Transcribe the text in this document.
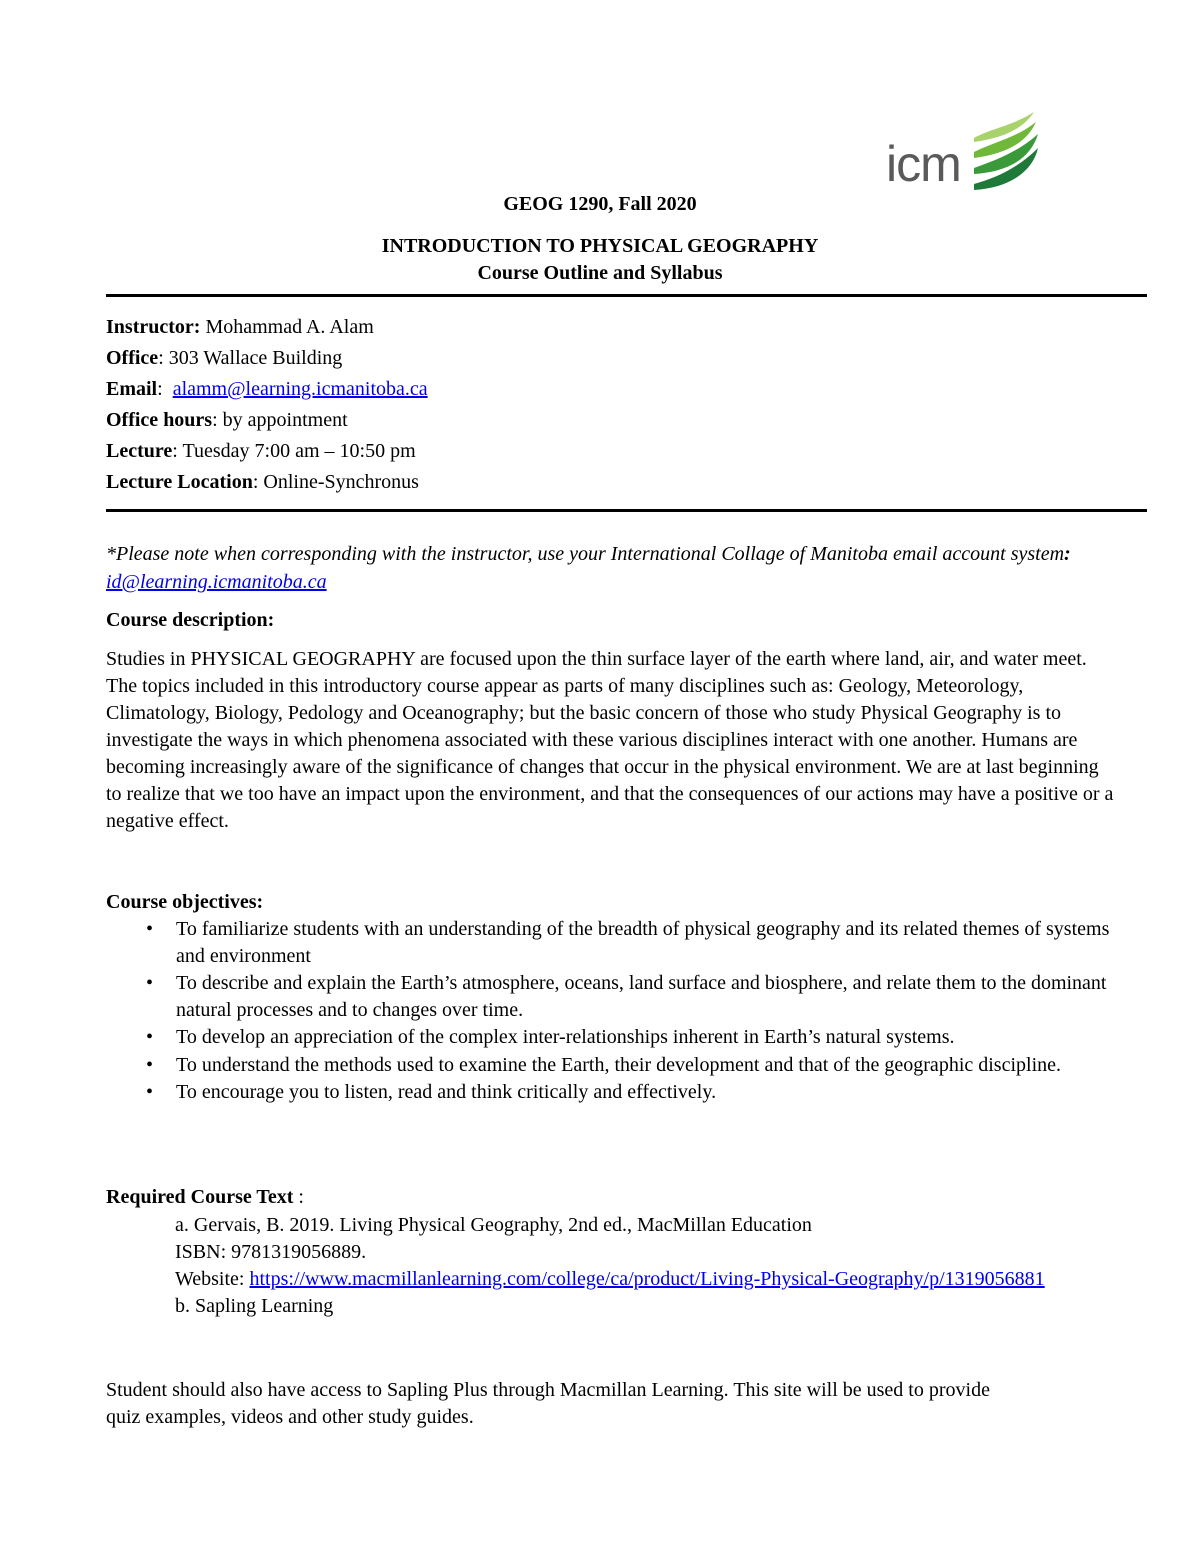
icm
GEOG 1290, Fall 2020
INTRODUCTION TO PHYSICAL GEOGRAPHY
Course Outline and Syllabus
Instructor: Mohammad A. Alam
Office: 303 Wallace Building
Email:  alamm@learning.icmanitoba.ca
Office hours: by appointment
Lecture: Tuesday 7:00 am – 10:50 pm
Lecture Location: Online-Synchronus
*Please note when corresponding with the instructor, use your International Collage of Manitoba email account system: id@learning.icmanitoba.ca
Course description:
Studies in PHYSICAL GEOGRAPHY are focused upon the thin surface layer of the earth where land, air, and water meet. The topics included in this introductory course appear as parts of many disciplines such as: Geology, Meteorology, Climatology, Biology, Pedology and Oceanography; but the basic concern of those who study Physical Geography is to investigate the ways in which phenomena associated with these various disciplines interact with one another. Humans are becoming increasingly aware of the significance of changes that occur in the physical environment. We are at last beginning to realize that we too have an impact upon the environment, and that the consequences of our actions may have a positive or a negative effect.
Course objectives:
• To familiarize students with an understanding of the breadth of physical geography and its related themes of systems and environment
• To describe and explain the Earth’s atmosphere, oceans, land surface and biosphere, and relate them to the dominant natural processes and to changes over time.
• To develop an appreciation of the complex inter-relationships inherent in Earth’s natural systems.
• To understand the methods used to examine the Earth, their development and that of the geographic discipline.
• To encourage you to listen, read and think critically and effectively.
Required Course Text :
a. Gervais, B. 2019. Living Physical Geography, 2nd ed., MacMillan Education
ISBN: 9781319056889.
Website: https://www.macmillanlearning.com/college/ca/product/Living-Physical-Geography/p/1319056881
b. Sapling Learning
Student should also have access to Sapling Plus through Macmillan Learning. This site will be used to provide quiz examples, videos and other study guides.
